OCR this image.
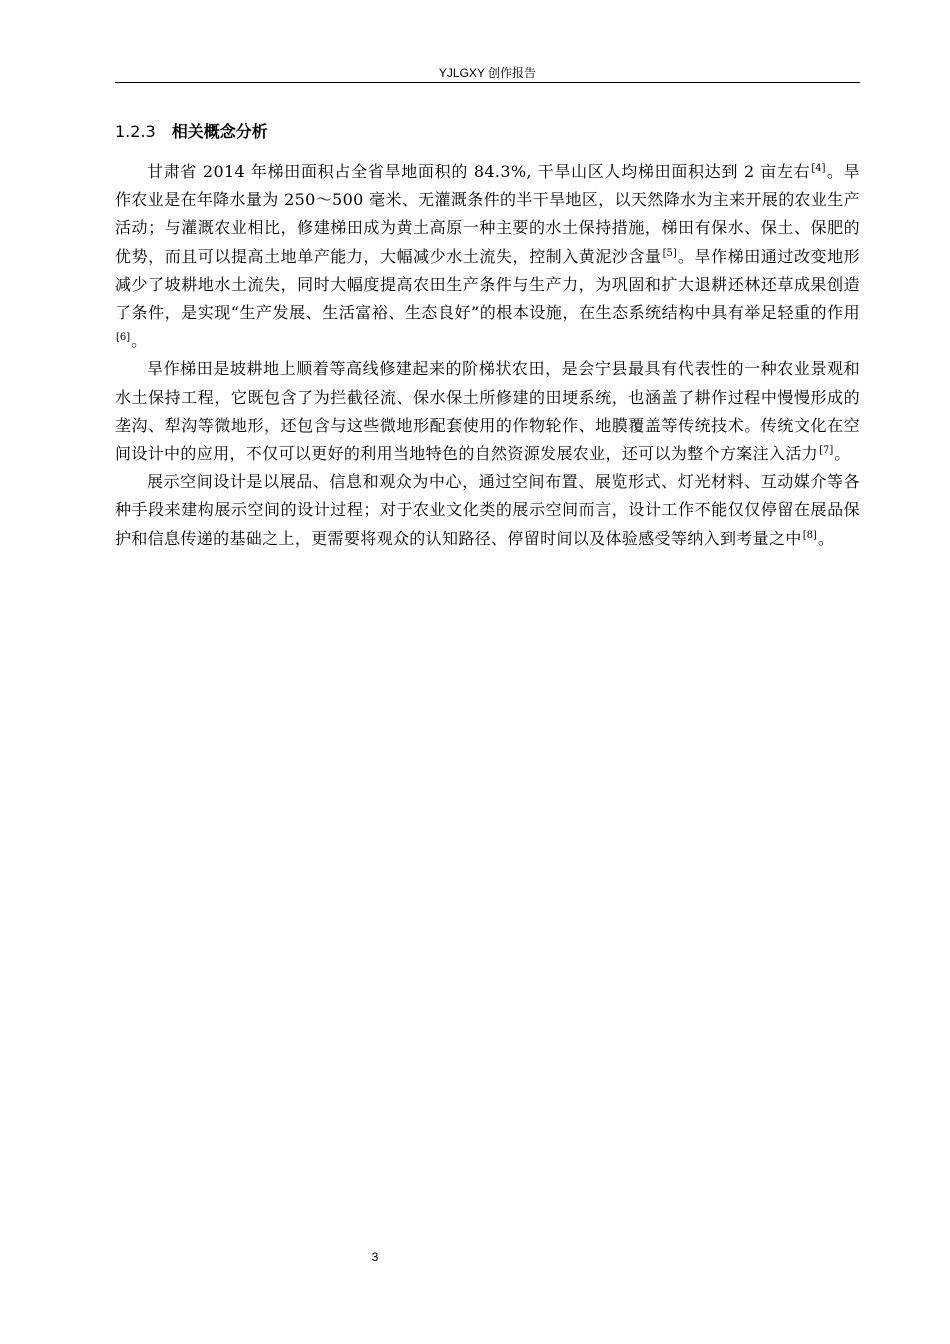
YJLGXY 创作报告
1.2.3 相关概念分析

甘肃省 2014 年梯田面积占全省旱地面积的 84.3%, 干旱山区人均梯田面积达到 2 亩左右[4]。旱作农业是在年降水量为 250～500 毫米、无灌溉条件的半干旱地区，以天然降水为主来开展的农业生产活动；与灌溉农业相比，修建梯田成为黄土高原一种主要的水土保持措施，梯田有保水、保土、保肥的优势，而且可以提高土地单产能力，大幅减少水土流失，控制入黄泥沙含量[5]。旱作梯田通过改变地形减少了坡耕地水土流失，同时大幅度提高农田生产条件与生产力，为巩固和扩大退耕还林还草成果创造了条件，是实现“生产发展、生活富裕、生态良好”的根本设施，在生态系统结构中具有举足轻重的作用[6]。

旱作梯田是坡耕地上顺着等高线修建起来的阶梯状农田，是会宁县最具有代表性的一种农业景观和水土保持工程，它既包含了为拦截径流、保水保土所修建的田埂系统，也涵盖了耕作过程中慢慢形成的垄沟、犁沟等微地形，还包含与这些微地形配套使用的作物轮作、地膜覆盖等传统技术。传统文化在空间设计中的应用，不仅可以更好的利用当地特色的自然资源发展农业，还可以为整个方案注入活力[7]。

展示空间设计是以展品、信息和观众为中心，通过空间布置、展览形式、灯光材料、互动媒介等各种手段来建构展示空间的设计过程；对于农业文化类的展示空间而言，设计工作不能仅仅停留在展品保护和信息传递的基础之上，更需要将观众的认知路径、停留时间以及体验感受等纳入到考量之中[8]。

3
